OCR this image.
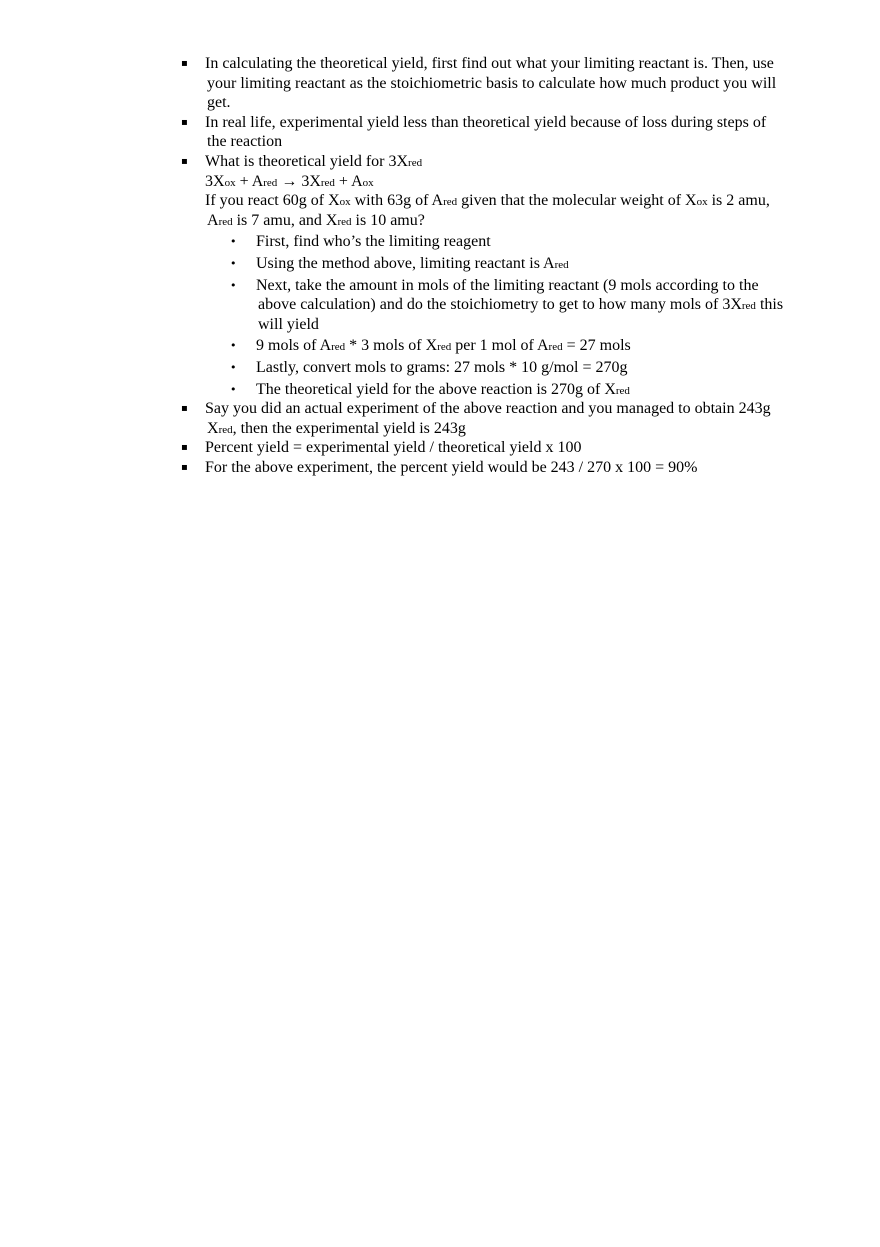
▪ In calculating the theoretical yield, first find out what your limiting reactant is. Then, use
your limiting reactant as the stoichiometric basis to calculate how much product you will
get.
▪ In real life, experimental yield less than theoretical yield because of loss during steps of
the reaction
▪ What is theoretical yield for 3Xred
3Xox + Ared → 3Xred + Aox
If you react 60g of Xox with 63g of Ared given that the molecular weight of Xox is 2 amu,
Ared is 7 amu, and Xred is 10 amu?
• First, find who’s the limiting reagent
• Using the method above, limiting reactant is Ared
• Next, take the amount in mols of the limiting reactant (9 mols according to the
above calculation) and do the stoichiometry to get to how many mols of 3Xred this
will yield
• 9 mols of Ared * 3 mols of Xred per 1 mol of Ared = 27 mols
• Lastly, convert mols to grams: 27 mols * 10 g/mol = 270g
• The theoretical yield for the above reaction is 270g of Xred
▪ Say you did an actual experiment of the above reaction and you managed to obtain 243g
Xred, then the experimental yield is 243g
▪ Percent yield = experimental yield / theoretical yield x 100
▪ For the above experiment, the percent yield would be 243 / 270 x 100 = 90%
